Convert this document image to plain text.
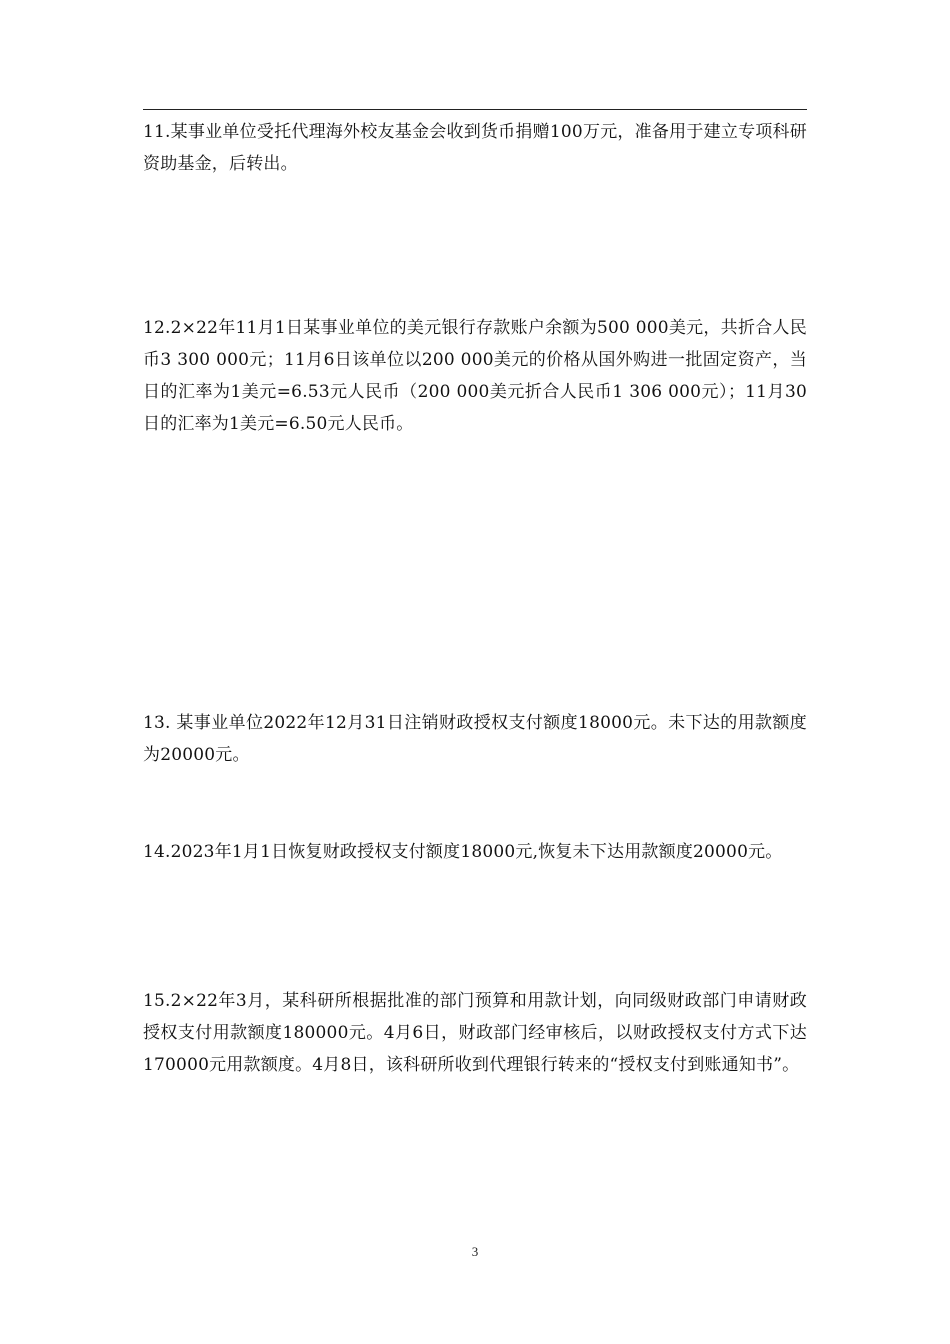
11.某事业单位受托代理海外校友基金会收到货币捐赠100万元，准备用于建立专项科研资助基金，后转出。

12.2×22年11月1日某事业单位的美元银行存款账户余额为500 000美元，共折合人民币3 300 000元；11月6日该单位以200 000美元的价格从国外购进一批固定资产，当日的汇率为1美元=6.53元人民币（200 000美元折合人民币1 306 000元）；11月30日的汇率为1美元=6.50元人民币。

13. 某事业单位2022年12月31日注销财政授权支付额度18000元。未下达的用款额度为20000元。

14.2023年1月1日恢复财政授权支付额度18000元,恢复未下达用款额度20000元。

15.2×22年3月，某科研所根据批准的部门预算和用款计划，向同级财政部门申请财政授权支付用款额度180000元。4月6日，财政部门经审核后，以财政授权支付方式下达170000元用款额度。4月8日，该科研所收到代理银行转来的“授权支付到账通知书”。

3
